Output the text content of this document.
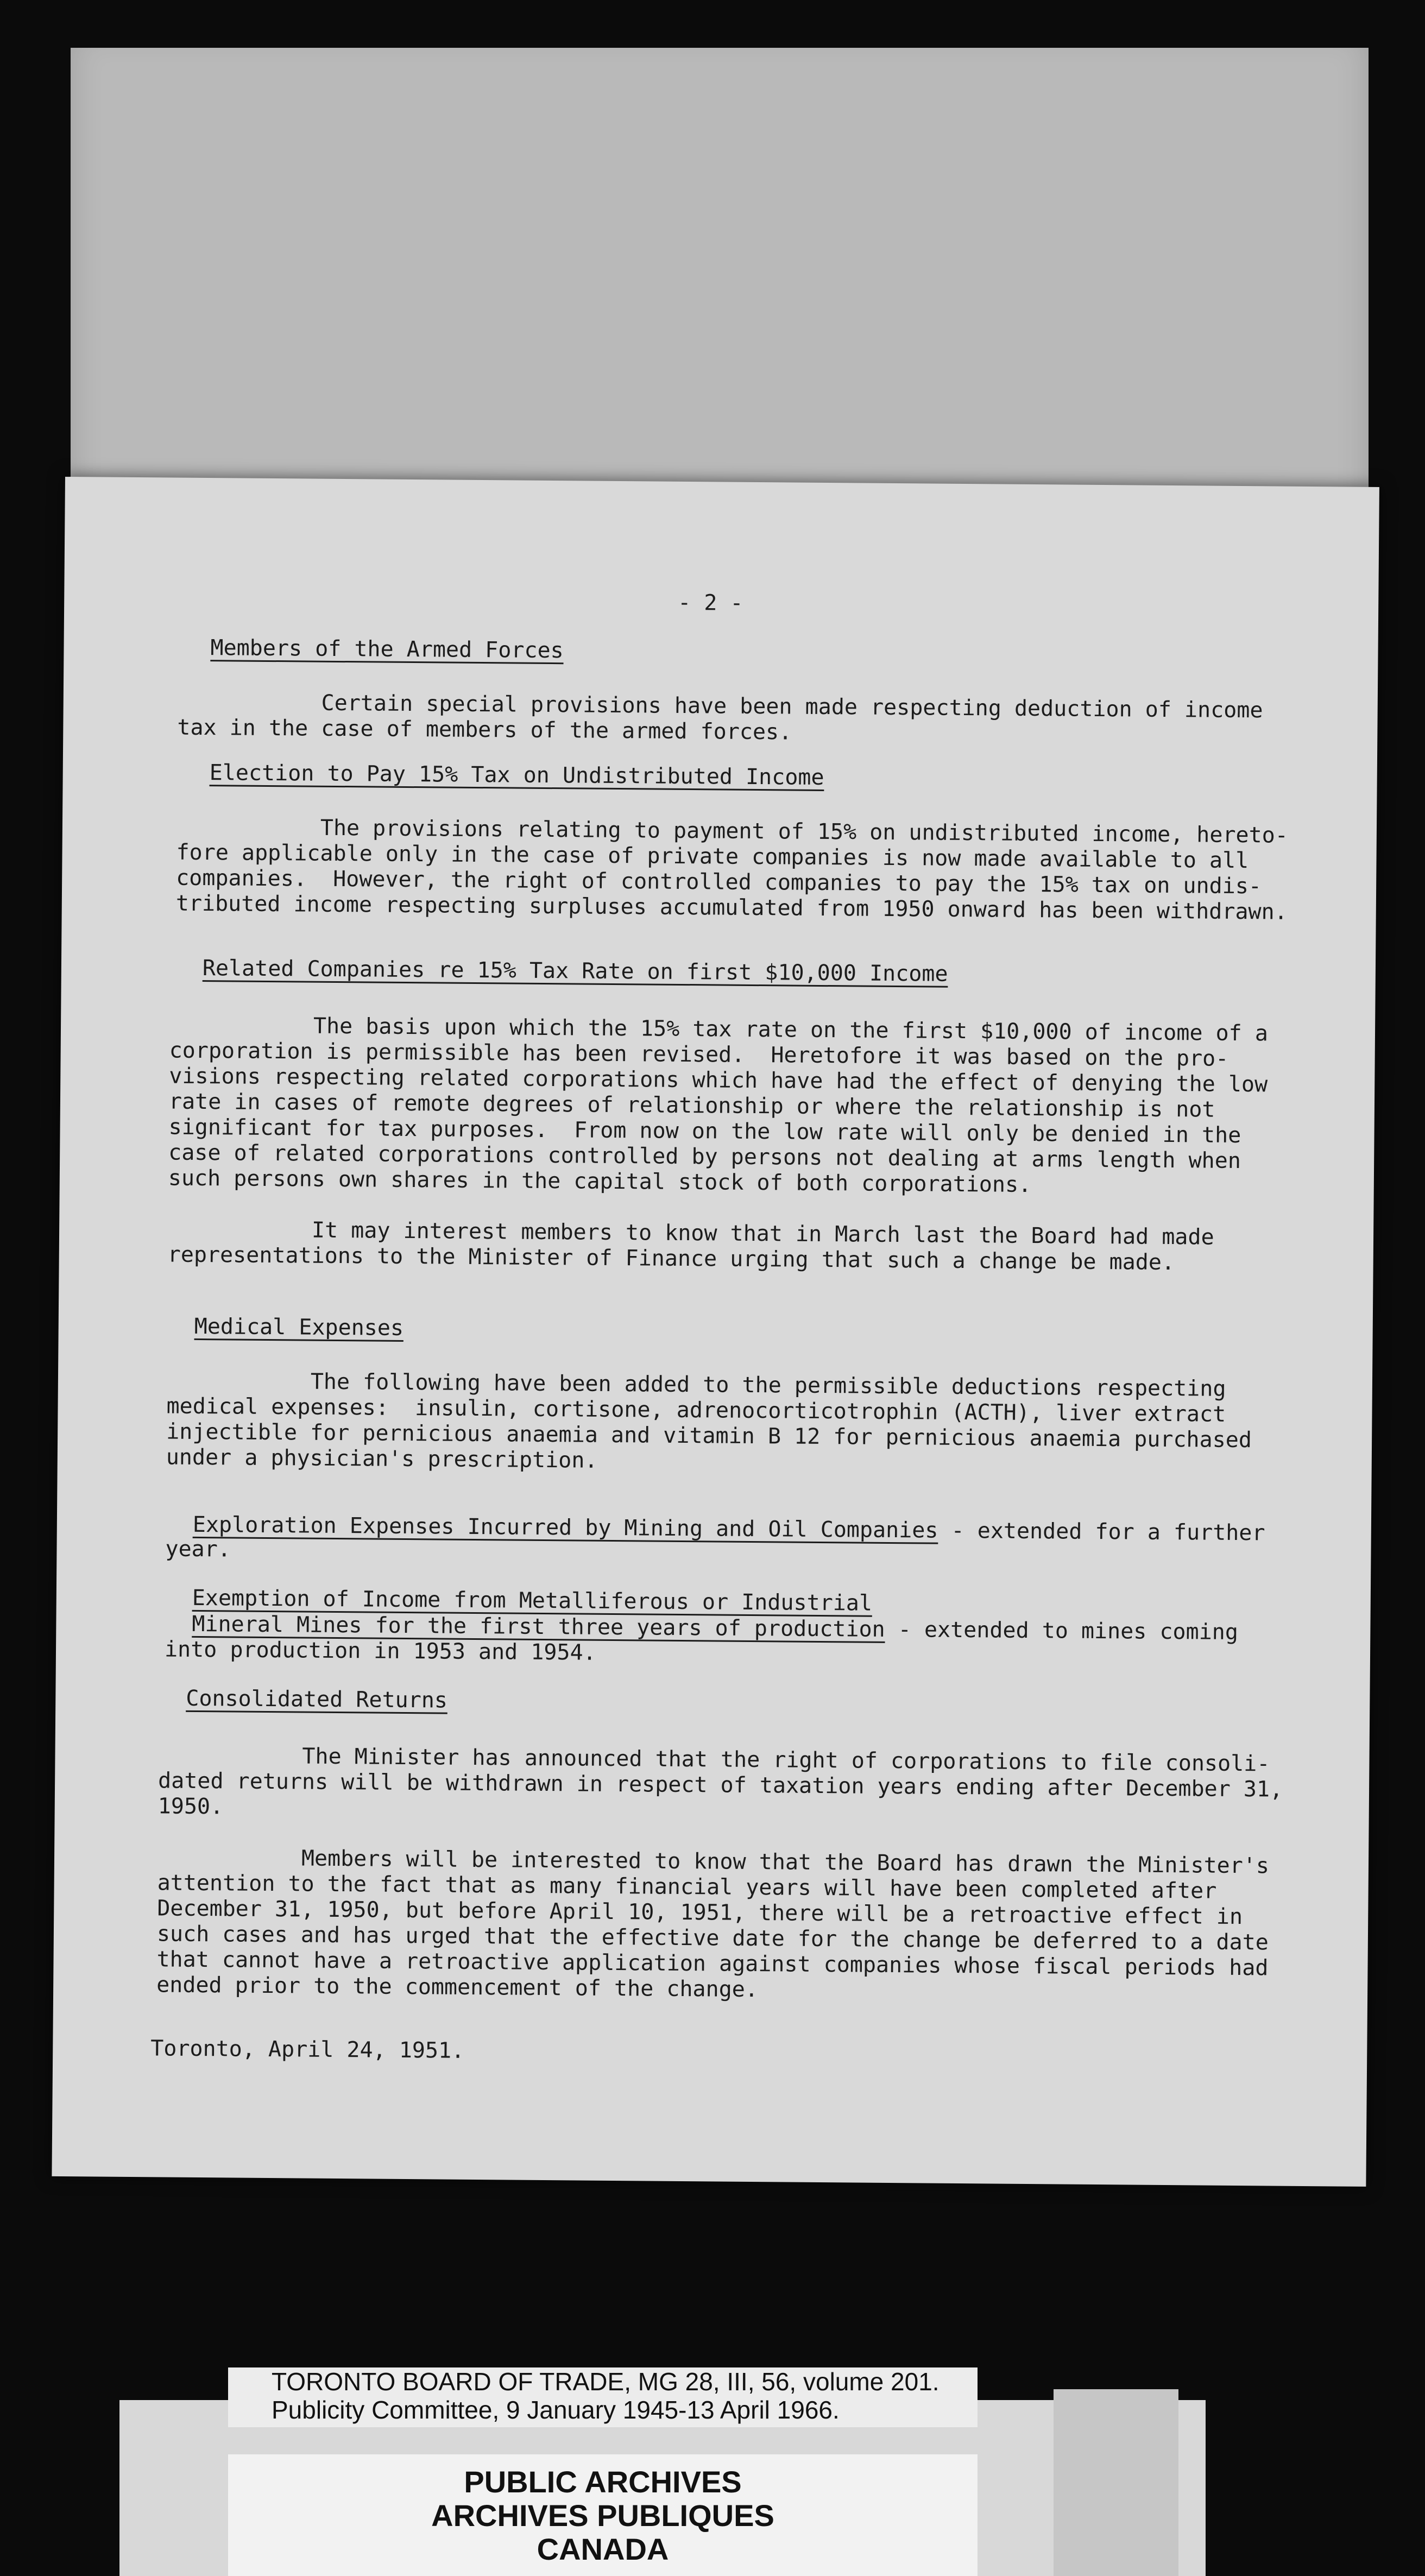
- 2 -
Members of the Armed Forces
Certain special provisions have been made respecting deduction of income
tax in the case of members of the armed forces.
Election to Pay 15% Tax on Undistributed Income
The provisions relating to payment of 15% on undistributed income, hereto-
fore applicable only in the case of private companies is now made available to all
companies.  However, the right of controlled companies to pay the 15% tax on undis-
tributed income respecting surpluses accumulated from 1950 onward has been withdrawn.
Related Companies re 15% Tax Rate on first $10,000 Income
The basis upon which the 15% tax rate on the first $10,000 of income of a
corporation is permissible has been revised.  Heretofore it was based on the pro-
visions respecting related corporations which have had the effect of denying the low
rate in cases of remote degrees of relationship or where the relationship is not
significant for tax purposes.  From now on the low rate will only be denied in the
case of related corporations controlled by persons not dealing at arms length when
such persons own shares in the capital stock of both corporations.

It may interest members to know that in March last the Board had made
representations to the Minister of Finance urging that such a change be made.
Medical Expenses
The following have been added to the permissible deductions respecting
medical expenses:  insulin, cortisone, adrenocorticotrophin (ACTH), liver extract
injectible for pernicious anaemia and vitamin B 12 for pernicious anaemia purchased
under a physician's prescription.
Exploration Expenses Incurred by Mining and Oil Companies - extended for a further
year.
Exemption of Income from Metalliferous or Industrial
Mineral Mines for the first three years of production - extended to mines coming
into production in 1953 and 1954.
Consolidated Returns
The Minister has announced that the right of corporations to file consoli-
dated returns will be withdrawn in respect of taxation years ending after December 31,
1950.

Members will be interested to know that the Board has drawn the Minister's
attention to the fact that as many financial years will have been completed after
December 31, 1950, but before April 10, 1951, there will be a retroactive effect in
such cases and has urged that the effective date for the change be deferred to a date
that cannot have a retroactive application against companies whose fiscal periods had
ended prior to the commencement of the change.
Toronto, April 24, 1951.
TORONTO BOARD OF TRADE, MG 28, III, 56, volume 201.
Publicity Committee, 9 January 1945-13 April 1966.
PUBLIC ARCHIVES
ARCHIVES PUBLIQUES
CANADA
